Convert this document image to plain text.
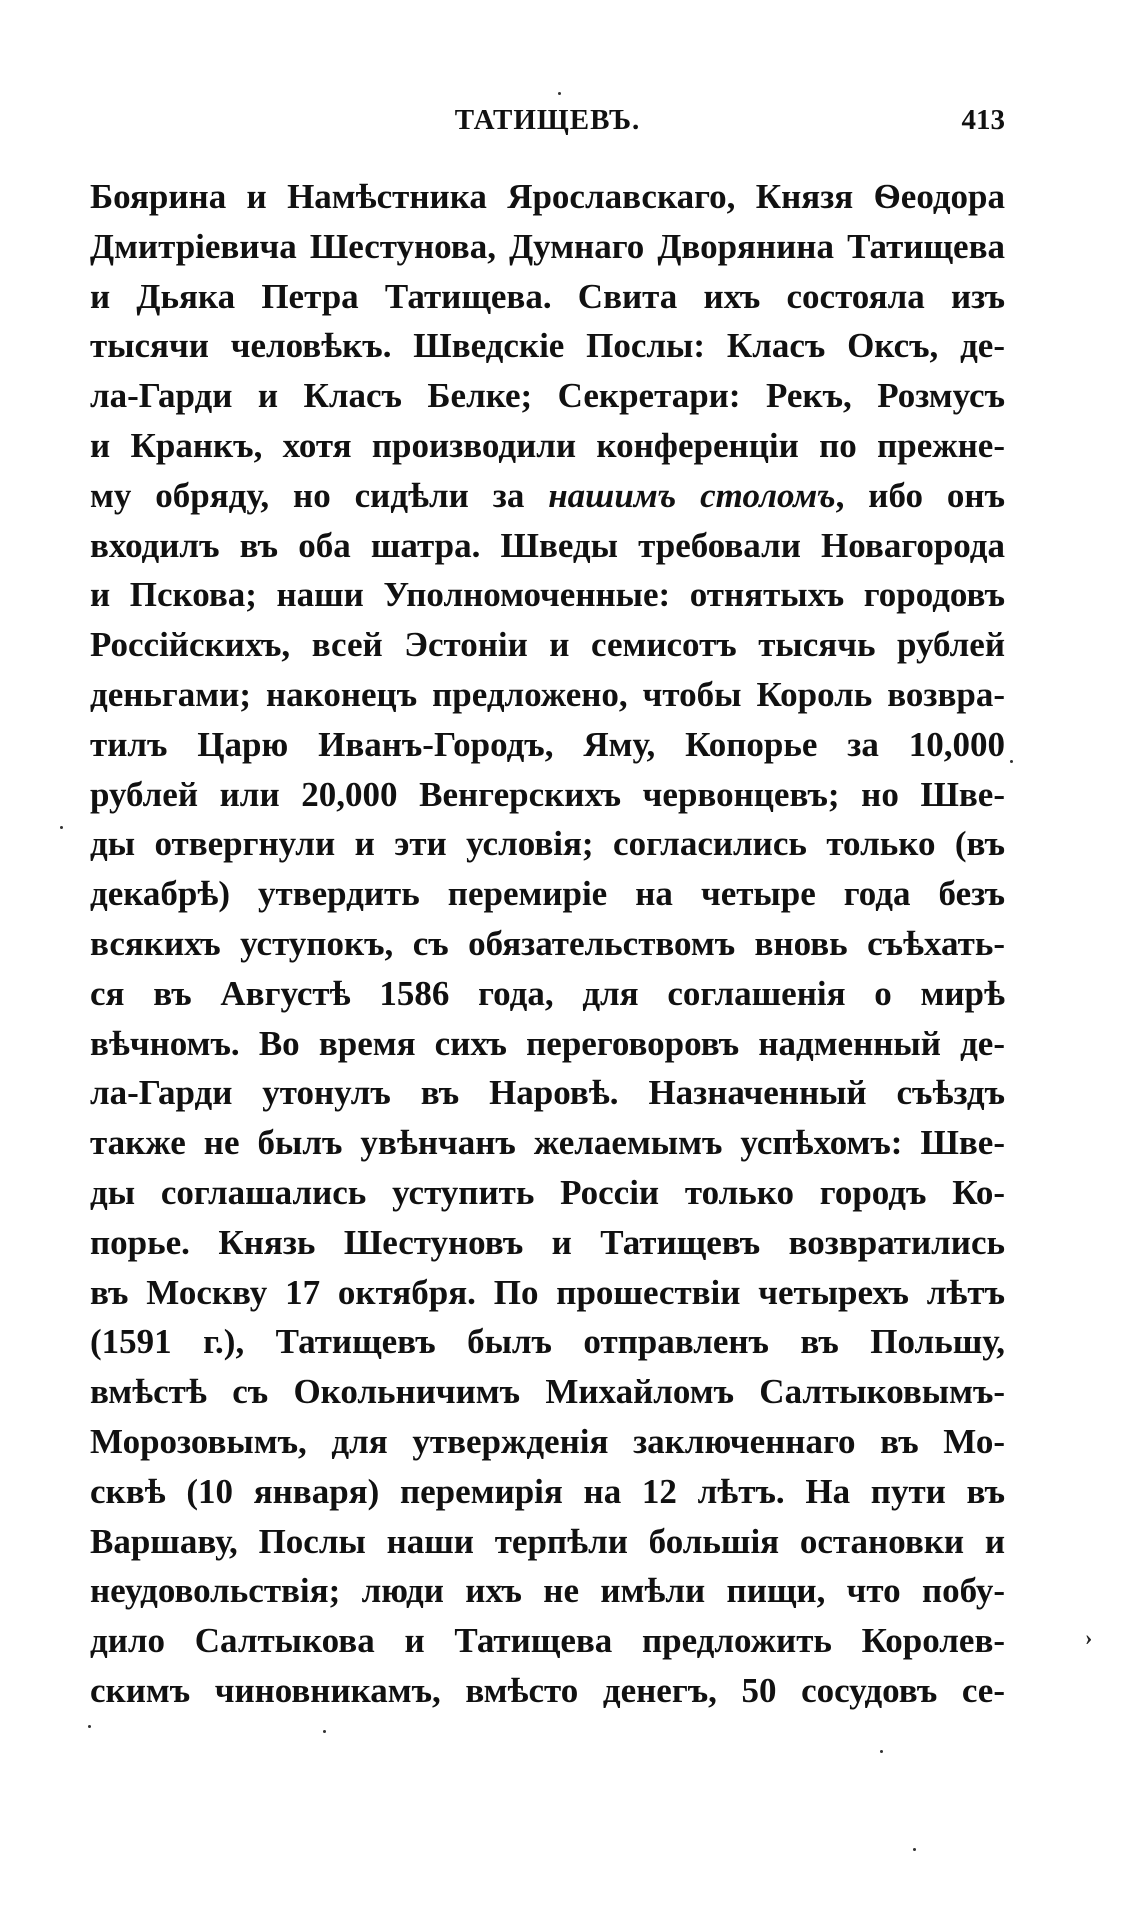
ТАТИЩЕВЪ.	413
Боярина и Намѣстника Ярославскаго, Князя Ѳеодора
Дмитріевича Шестунова, Думнаго Дворянина Татищева
и Дьяка Петра Татищева. Свита ихъ состояла изъ
тысячи человѣкъ. Шведскіе Послы: Класъ Оксъ, де-
ла-Гарди и Класъ Белке; Секретари: Рекъ, Розмусъ
и Кранкъ, хотя производили конференціи по прежне-
му обряду, но сидѣли за нашимъ столомъ, ибо онъ
входилъ въ оба шатра. Шведы требовали Новагорода
и Пскова; наши Уполномоченные: отнятыхъ городовъ
Россійскихъ, всей Эстоніи и семисотъ тысячь рублей
деньгами; наконецъ предложено, чтобы Король возвра-
тилъ Царю Иванъ-Городъ, Яму, Копорье за 10,000
рублей или 20,000 Венгерскихъ червонцевъ; но Шве-
ды отвергнули и эти условія; согласились только (въ
декабрѣ) утвердить перемиріе на четыре года безъ
всякихъ уступокъ, съ обязательствомъ вновь съѣхать-
ся въ Августѣ 1586 года, для соглашенія о мирѣ
вѣчномъ. Во время сихъ переговоровъ надменный де-
ла-Гарди утонулъ въ Наровѣ. Назначенный съѣздъ
также не былъ увѣнчанъ желаемымъ успѣхомъ: Шве-
ды соглашались уступить Россіи только городъ Ко-
порье. Князь Шестуновъ и Татищевъ возвратились
въ Москву 17 октября. По прошествіи четырехъ лѣтъ
(1591 г.), Татищевъ былъ отправленъ въ Польшу,
вмѣстѣ съ Окольничимъ Михайломъ Салтыковымъ-
Морозовымъ, для утвержденія заключеннаго въ Мо-
сквѣ (10 января) перемирія на 12 лѣтъ. На пути въ
Варшаву, Послы наши терпѣли большія остановки и
неудовольствія; люди ихъ не имѣли пищи, что побу-
дило Салтыкова и Татищева предложить Королев-
скимъ чиновникамъ, вмѣсто денегъ, 50 сосудовъ се-
›
